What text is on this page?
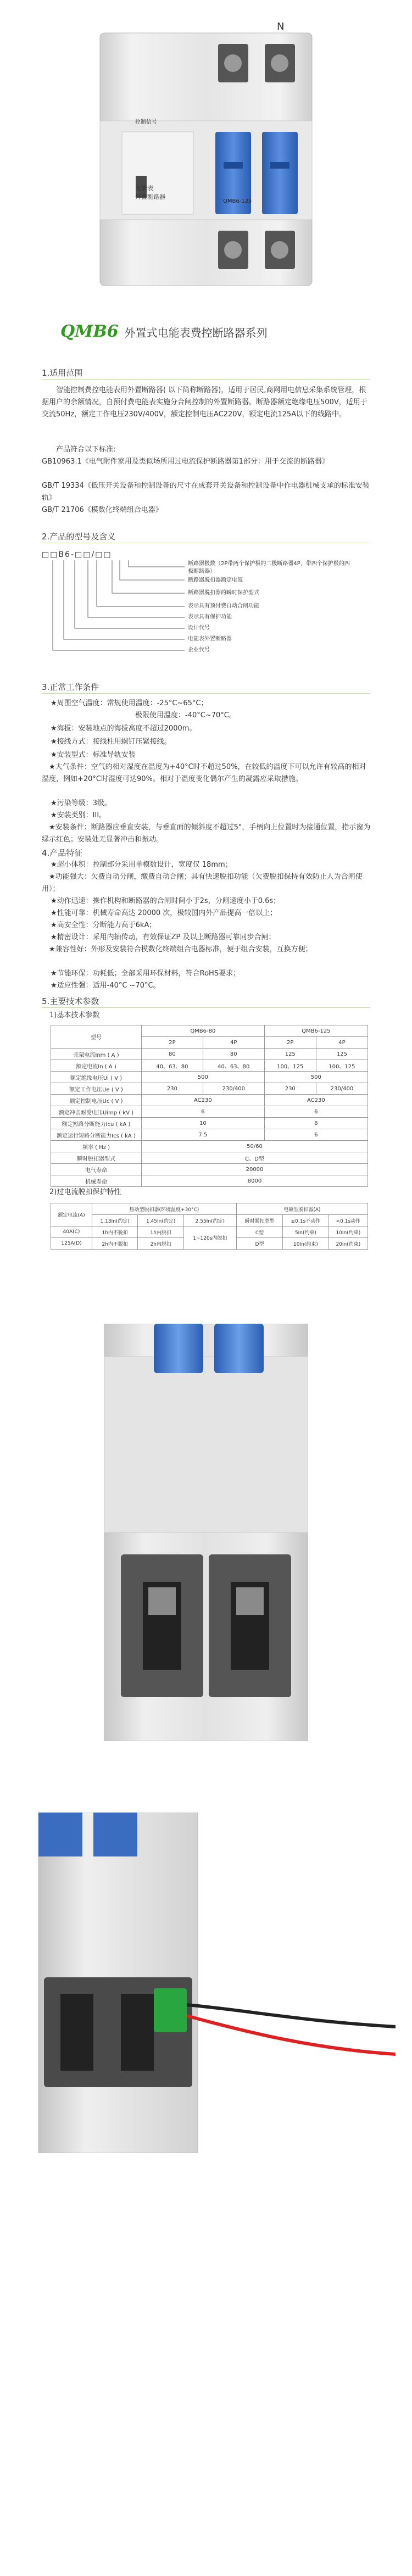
控制信号
电能表
外置断路器
QMB6-125
N
QMB6 外置式电能表费控断路器系列
1.适用范围
智能控制费控电能表用外置断路器( 以下简称断路器)，适用于居民,商网用电信息采集系统管理，根据用户的余额情况，自预付费电能表实施分合闸控制的外置断路器。断路器额定绝缘电压500V，适用于交流50Hz，额定工作电压230V/400V，额定控制电压AC220V，额定电流125A以下的线路中。
产品符合以下标准:
GB10963.1《电气附件家用及类似场所用过电流保护断路器第1部分：用于交流的断路器》
GB/T 19334《低压开关设备和控制设备的尺寸在成套开关设备和控制设备中作电器机械支承的标准安装轨》
GB/T 21706《模数化终端组合电器》
2.产品的型号及含义
□□B6-□□/□□
断路器极数（2P带两个保护极的二极断路器4P，带四个保护极的四极断路器）
断路器脱扣器额定电流
断路器脱扣器的瞬时保护型式
表示具有预付费自动合闸功能
表示具有保护功能
设计代号
电能表外置断路器
企业代号
3.正常工作条件
★周围空气温度：常规使用温度：-25°C~65°C；
极限使用温度：-40°C~70°C。
★海拔：安装地点的海拔高度不超过2000m。
★接线方式：接线柱用螺钉压紧接线。
★安装型式：标准导轨安装
★大气条件：空气的相对湿度在温度为+40°C时不超过50%，在较低的温度下可以允许有较高的相对湿度，例如+20°C时湿度可达90%。相对于温度变化偶尔产生的凝露应采取措施。
★污染等级：3级。
★安装类别：III。
★安装条件：断路器应垂直安装，与垂直面的倾斜度不超过5°，手柄向上位置时为接通位置，指示窗为绿示红色；安装处无显著冲击和振动。
4.产品特征
★超小体积：控制部分采用单模数设计，宽度仅 18mm；
★功能强大：欠费自动分闸，缴费自动合闸；具有快速脱扣功能（欠费脱扣保持有效防止人为合闸使用）；
★动作迅速：操作机构和断路器的合闸时间小于2s，分闸速度小于0.6s；
★性能可靠：机械寿命高达 20000 次，极较国内外产品提高一倍以上；
★高安全性：分断能力高于6kA；
★精密设计：采用内轴传动，有效保证ZP 及以上断路器可靠同步合闸；
★兼容性好：外形及安装符合模数化终端组合电器标准，便于组合安装，互换方便；
★节能环保：功耗低；全部采用环保材料，符合RoHS要求；
★适应性强：适用-40°C ~70°C。
5.主要技术参数
1)基本技术参数
型号	QMB6-80		QMB6-125	
	2P	4P	2P	4P
壳架电流Inm ( A )	80	80	125	125
额定电流In ( A )	40、63、80	40、63、80	100、125	100、125
额定绝缘电压Ui ( V )	500		500	
额定工作电压Ue ( V )	230	230/400	230	230/400
额定控制电压Uc ( V )	AC230		AC230	
额定冲击耐受电压Uimp ( kV )	6		6	
额定短路分断能力Icu ( kA )	10		6	
额定运行短路分断能力Ics ( kA )	7.5		6	
频率 ( Hz )	50/60			
瞬时脱扣器型式	C、D型			
电气寿命	20000			
机械寿命	8000			
2)过电流脱扣保护特性
额定电流(A)	热动型脱扣器(环境温度+30°C)			电磁型脱扣器(A)		
	1.13In(约定)	1.45In(约定)	2.55In(约定)	瞬时脱扣类型	≤0.1s不动作	<0.1s动作
40A(C)	1h内不脱扣	1h内脱扣	1~120s内脱扣	C型	5In(约束)	10In(约束)
125A(D)	2h内不脱扣	2h内脱扣		D型	10In(约束)	20In(约束)
